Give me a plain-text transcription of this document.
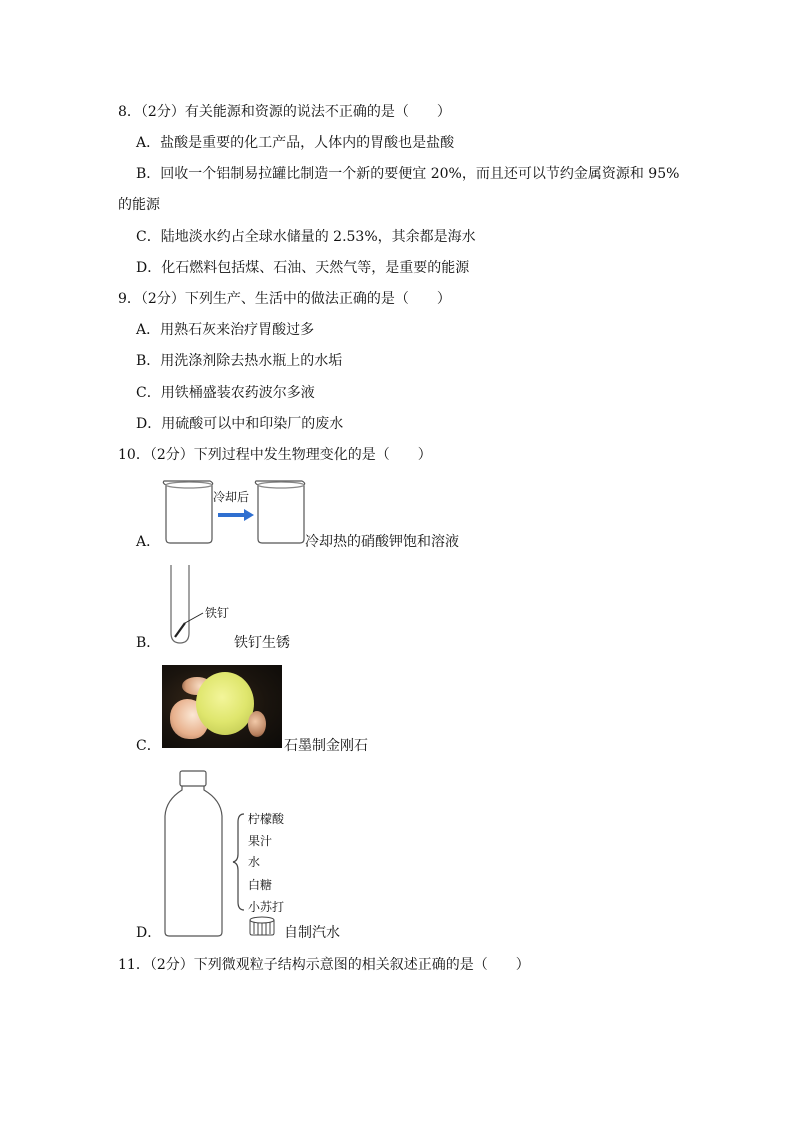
8．（2分）有关能源和资源的说法不正确的是（　　）
A．盐酸是重要的化工产品，人体内的胃酸也是盐酸
B．回收一个铝制易拉罐比制造一个新的要便宜 20%，而且还可以节约金属资源和 95%
的能源
C．陆地淡水约占全球水储量的 2.53%，其余都是海水
D．化石燃料包括煤、石油、天然气等，是重要的能源
9．（2分）下列生产、生活中的做法正确的是（　　）
A．用熟石灰来治疗胃酸过多
B．用洗涤剂除去热水瓶上的水垢
C．用铁桶盛装农药波尔多液
D．用硫酸可以中和印染厂的废水
10．（2分）下列过程中发生物理变化的是（　　）
A．
冷却后
冷却热的硝酸钾饱和溶液
B．
铁钉
铁钉生锈
C．	石墨制金刚石
D．
柠檬酸
果汁
水
白糖
小苏打
自制汽水
11．（2分）下列微观粒子结构示意图的相关叙述正确的是（　　）
